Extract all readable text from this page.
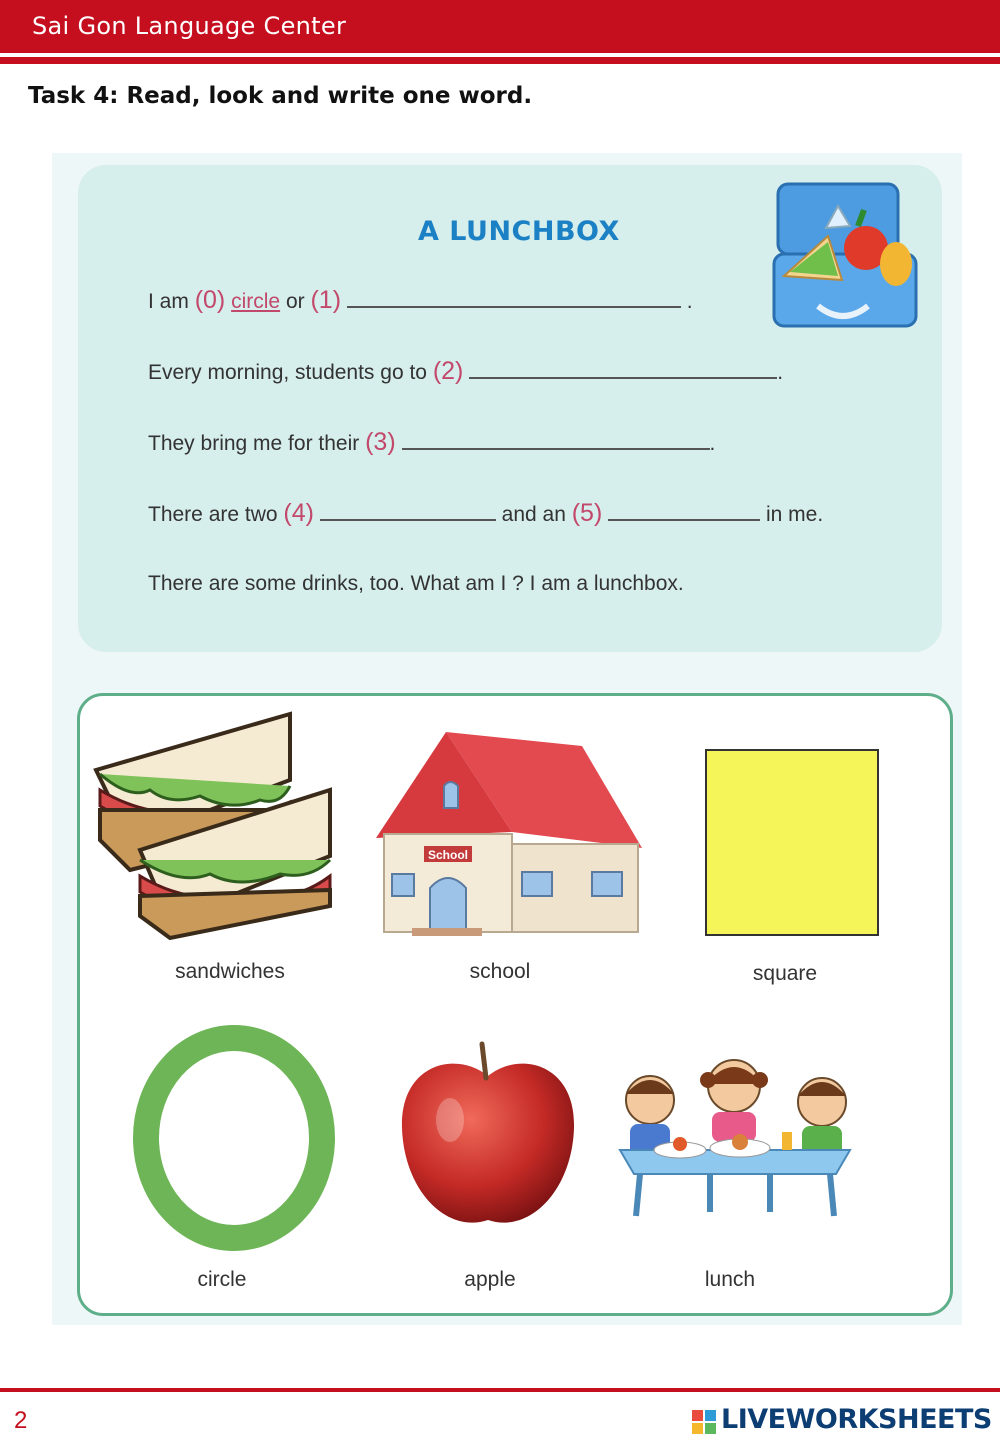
Sai Gon Language Center
Task 4: Read, look and write one word.
A LUNCHBOX
I am (0) circle or (1)	.
Every morning, students go to (2)	.
They bring me for their (3)	.
There are two (4)	and an (5)	in me.
There are some drinks, too. What am I ? I am a lunchbox.
sandwiches
School
school	square
circle	apple	lunch
2	LIVEWORKSHEETS
